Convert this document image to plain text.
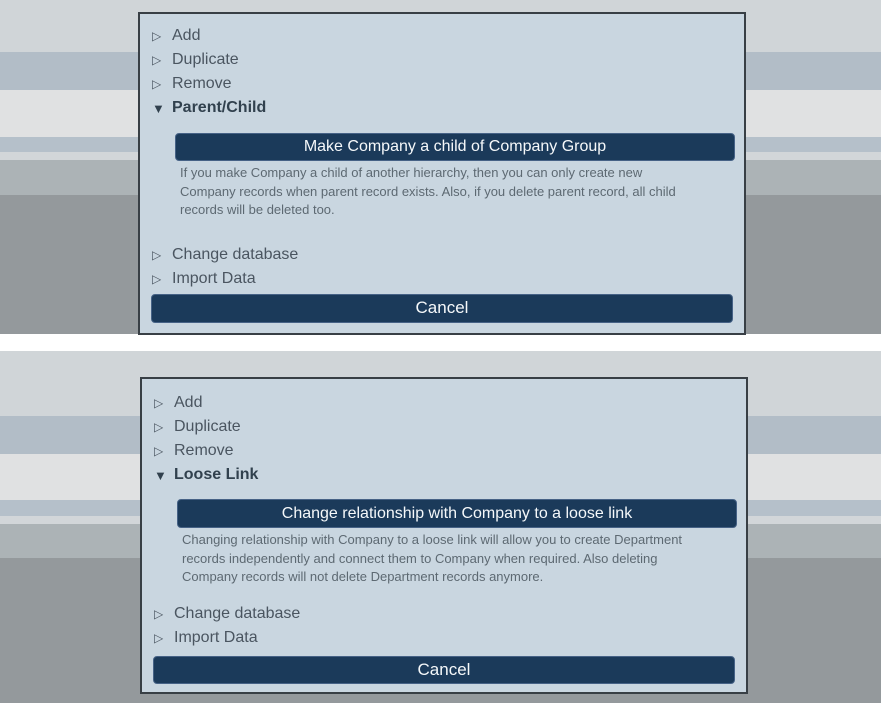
▷ Add
▷ Duplicate
▷ Remove
▼ Parent/Child
Make Company a child of Company Group
If you make Company a child of another hierarchy, then you can only create new
Company records when parent record exists. Also, if you delete parent record, all child
records will be deleted too.
▷ Change database
▷ Import Data
Cancel
▷ Add
▷ Duplicate
▷ Remove
▼ Loose Link
Change relationship with Company to a loose link
Changing relationship with Company to a loose link will allow you to create Department
records independently and connect them to Company when required. Also deleting
Company records will not delete Department records anymore.
▷ Change database
▷ Import Data
Cancel
